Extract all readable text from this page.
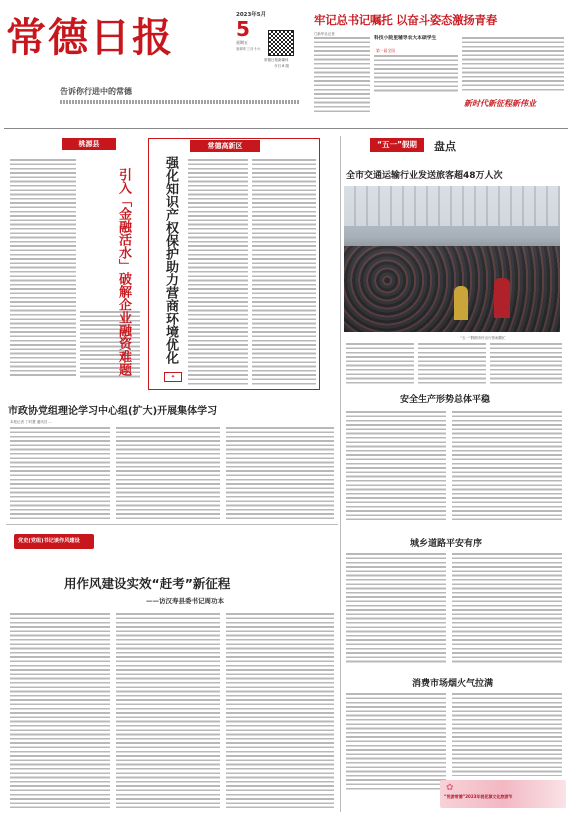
常德日报
告诉你行进中的常德
2023年5月
5
星期五
癸卯年三月十六
常德日报新媒体
今日 8 版
牢记总书记嘱托 以奋斗姿态激扬青春
□新华社记者
科技小院里辅导农大本硕学生
第一届全国
新时代新征程新伟业
桃源县
引入「金融活水」破解企业融资难题
常德高新区
强化知识产权保护助力营商环境优化
✦
“五一”假期	盘点
全市交通运输行业发送旅客超48万人次
“五一”假期市民出行热闹繁忙
安全生产形势总体平稳
城乡道路平安有序
消费市场烟火气拉满
“悦游常德”2023年桃花源文化旅游节
✿
市政协党组理论学习中心组(扩大)开展集体学习
本报记者 丁时慧 通讯员 ...
党史(党组)书记谈作风建设
用作风建设实效“赶考”新征程
——访汉寿县委书记周功本
